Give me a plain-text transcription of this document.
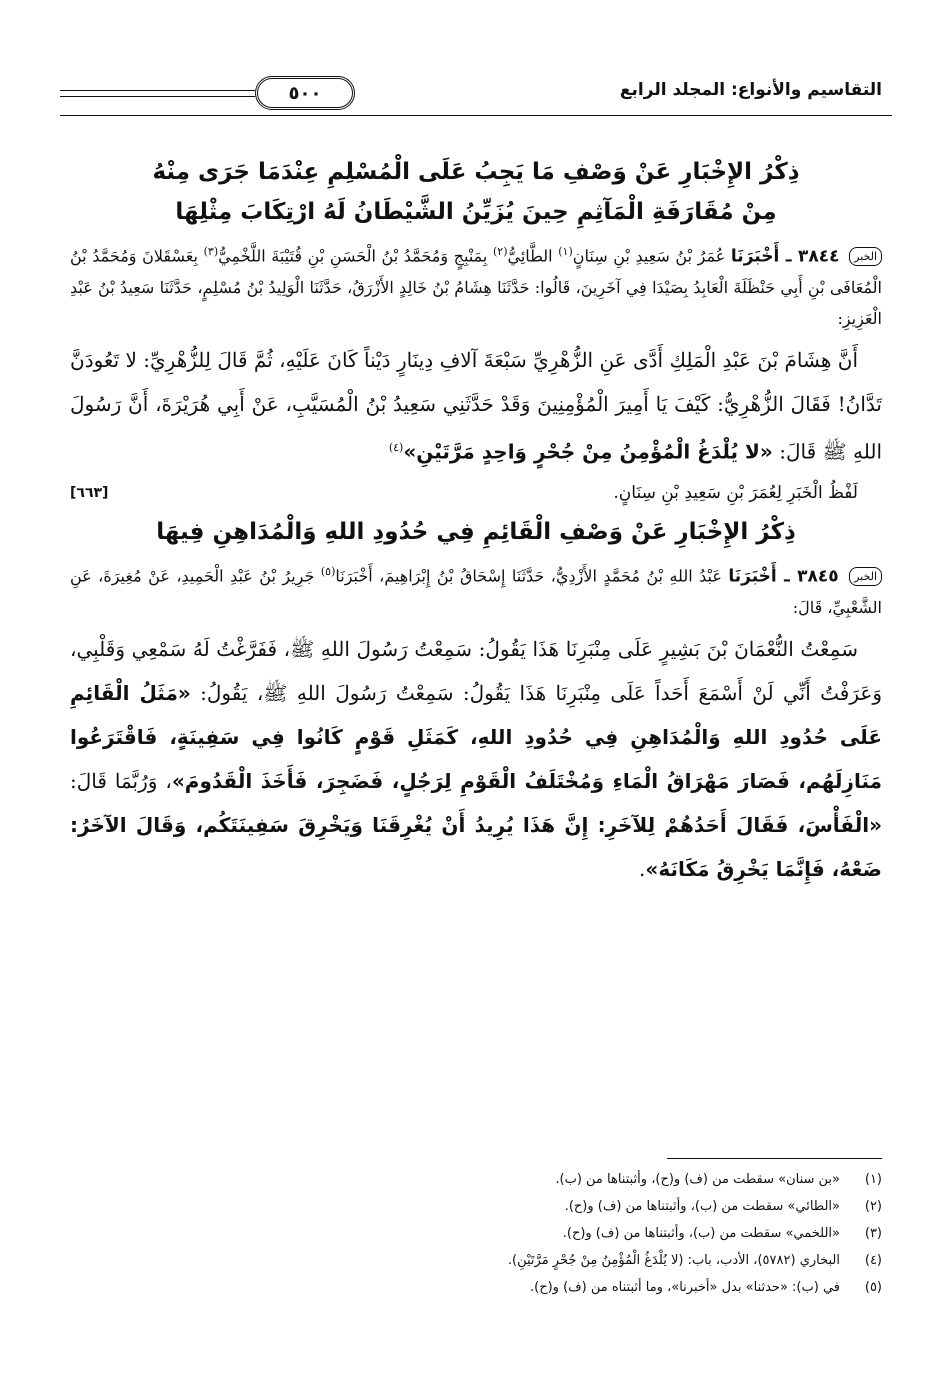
التقاسيم والأنواع: المجلد الرابع
٥٠٠
ذِكْرُ الإِخْبَارِ عَنْ وَصْفِ مَا يَجِبُ عَلَى الْمُسْلِمِ عِنْدَمَا جَرَى مِنْهُ
مِنْ مُقَارَفَةِ الْمَآثِمِ حِينَ يُزَيِّنُ الشَّيْطَانُ لَهُ ارْتِكَابَ مِثْلِهَا

الخبر ٣٨٤٤ ـ أَخْبَرَنَا عُمَرُ بْنُ سَعِيدِ بْنِ سِنَانٍ$^{(١)}$ الطَّائِيُّ$^{(٢)}$ بِمَنْبِجٍ وَمُحَمَّدُ بْنُ الْحَسَنِ بْنِ قُتَيْبَةَ اللَّخْمِيُّ$^{(٣)}$ بِعَسْقَلانَ وَمُحَمَّدُ بْنُ الْمُعَافَى بْنِ أَبِي حَنْظَلَةَ الْعَابِدُ بِصَيْدَا فِي آخَرِينَ، قَالُوا: حَدَّثَنَا هِشَامُ بْنُ خَالِدٍ الأَزْرَقُ، حَدَّثَنَا الْوَلِيدُ بْنُ مُسْلِمٍ، حَدَّثَنَا سَعِيدُ بْنُ عَبْدِ الْعَزِيزِ:

أَنَّ هِشَامَ بْنَ عَبْدِ الْمَلِكِ أَدَّى عَنِ الزُّهْرِيِّ سَبْعَةَ آلافِ دِينَارٍ دَيْناً كَانَ عَلَيْهِ، ثُمَّ قَالَ لِلزُّهْرِيِّ: لا تَعُودَنَّ تَدَّانُ! فَقَالَ الزُّهْرِيُّ: كَيْفَ يَا أَمِيرَ الْمُؤْمِنِينَ وَقَدْ حَدَّثَنِي سَعِيدُ بْنُ الْمُسَيَّبِ، عَنْ أَبِي هُرَيْرَةَ، أَنَّ رَسُولَ اللهِ ﷺ قَالَ: «لا يُلْدَغُ الْمُؤْمِنُ مِنْ جُحْرٍ وَاحِدٍ مَرَّتَيْنِ»$^{(٤)}$

لَفْظُ الْخَبَرِ لِعُمَرَ بْنِ سَعِيدِ بْنِ سِنَانٍ.
[٦٦٣]
ذِكْرُ الإِخْبَارِ عَنْ وَصْفِ الْقَائِمِ فِي حُدُودِ اللهِ وَالْمُدَاهِنِ فِيهَا

الخبر ٣٨٤٥ ـ أَخْبَرَنَا عَبْدُ اللهِ بْنُ مُحَمَّدٍ الأَزْدِيُّ، حَدَّثَنَا إِسْحَاقُ بْنُ إِبْرَاهِيمَ، أَخْبَرَنَا$^{(٥)}$ جَرِيرُ بْنُ عَبْدِ الْحَمِيدِ، عَنْ مُغِيرَةَ، عَنِ الشَّعْبِيِّ، قَالَ:

سَمِعْتُ النُّعْمَانَ بْنَ بَشِيرٍ عَلَى مِنْبَرِنَا هَذَا يَقُولُ: سَمِعْتُ رَسُولَ اللهِ ﷺ، فَفَرَّغْتُ لَهُ سَمْعِي وَقَلْبِي، وَعَرَفْتُ أَنِّي لَنْ أَسْمَعَ أَحَداً عَلَى مِنْبَرِنَا هَذَا يَقُولُ: سَمِعْتُ رَسُولَ اللهِ ﷺ، يَقُولُ: «مَثَلُ الْقَائِمِ عَلَى حُدُودِ اللهِ وَالْمُدَاهِنِ فِي حُدُودِ اللهِ، كَمَثَلِ قَوْمٍ كَانُوا فِي سَفِينَةٍ، فَاقْتَرَعُوا مَنَازِلَهُم، فَصَارَ مَهْرَاقُ الْمَاءِ وَمُخْتَلَفُ الْقَوْمِ لِرَجُلٍ، فَضَجِرَ، فَأَخَذَ الْقَدُومَ»، وَرُبَّمَا قَالَ: «الْفَأْسَ، فَقَالَ أَحَدُهُمْ لِلآخَرِ: إِنَّ هَذَا يُرِيدُ أَنْ يُغْرِقَنَا وَيَخْرِقَ سَفِينَتَكُم، وَقَالَ الآخَرُ: ضَعْهُ، فَإِنَّمَا يَخْرِقُ مَكَانَهُ».

(١)«بن سنان» سقطت من (ف) و(ح)، وأثبتناها من (ب).
(٢)«الطائي» سقطت من (ب)، وأثبتناها من (ف) و(ح).
(٣)«اللخمي» سقطت من (ب)، وأثبتناها من (ف) و(ح).
(٤)البخاري (٥٧٨٢)، الأدب، باب: (لا يُلْدَغُ الْمُؤْمِنُ مِنْ جُحْرٍ مَرَّتَيْنِ).
(٥)في (ب): «حدثنا» بدل «أخبرنا»، وما أثبتناه من (ف) و(ح).
